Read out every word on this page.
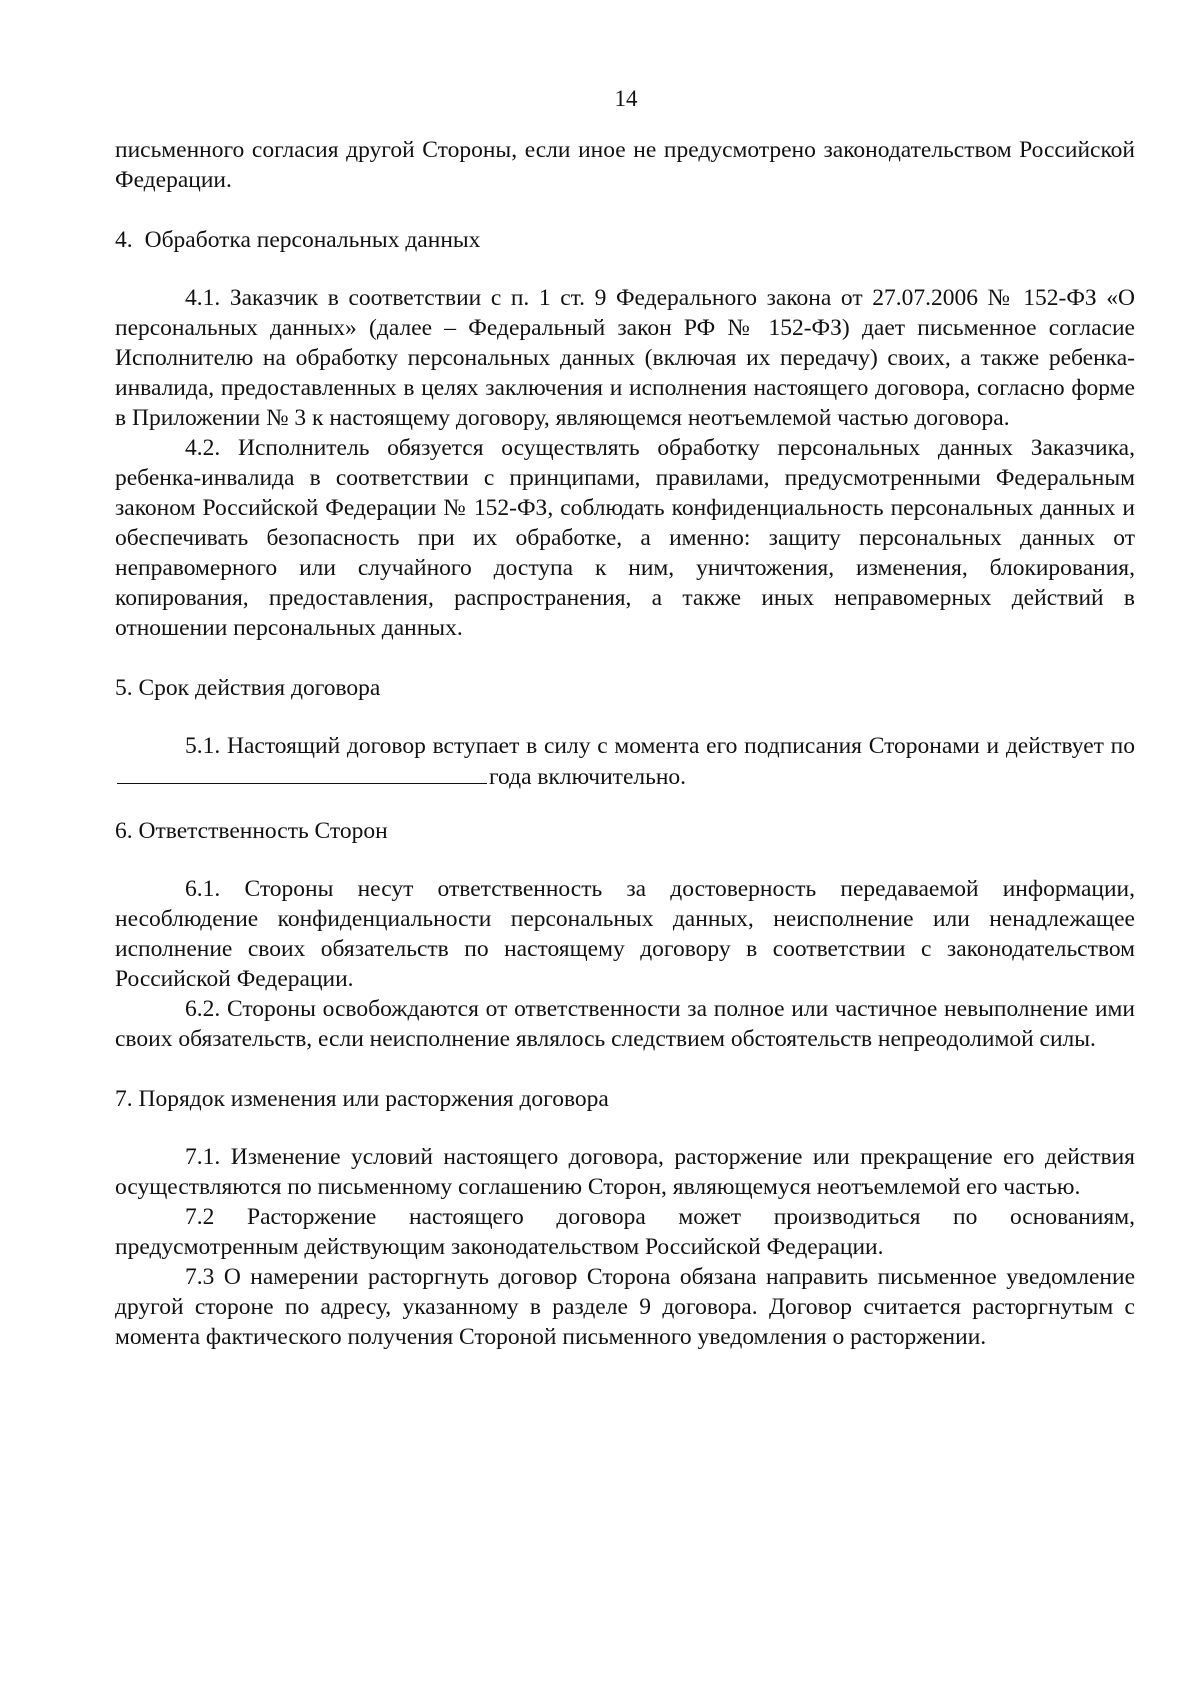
14

письменного согласия другой Стороны, если иное не предусмотрено законодательством Российской Федерации.

4. Обработка персональных данных

4.1. Заказчик в соответствии с п. 1 ст. 9 Федерального закона от 27.07.2006 № 152-ФЗ «О персональных данных» (далее – Федеральный закон РФ № 152-ФЗ) дает письменное согласие Исполнителю на обработку персональных данных (включая их передачу) своих, а также ребенка-инвалида, предоставленных в целях заключения и исполнения настоящего договора, согласно форме в Приложении № 3 к настоящему договору, являющемся неотъемлемой частью договора.

4.2. Исполнитель обязуется осуществлять обработку персональных данных Заказчика, ребенка-инвалида в соответствии с принципами, правилами, предусмотренными Федеральным законом Российской Федерации № 152-ФЗ, соблюдать конфиденциальность персональных данных и обеспечивать безопасность при их обработке, а именно: защиту персональных данных от неправомерного или случайного доступа к ним, уничтожения, изменения, блокирования, копирования, предоставления, распространения, а также иных неправомерных действий в отношении персональных данных.

5. Срок действия договора

5.1. Настоящий договор вступает в силу с момента его подписания Сторонами и действует по года включительно.

6. Ответственность Сторон

6.1. Стороны несут ответственность за достоверность передаваемой информации, несоблюдение конфиденциальности персональных данных, неисполнение или ненадлежащее исполнение своих обязательств по настоящему договору в соответствии с законодательством Российской Федерации.

6.2. Стороны освобождаются от ответственности за полное или частичное невыполнение ими своих обязательств, если неисполнение являлось следствием обстоятельств непреодолимой силы.

7. Порядок изменения или расторжения договора

7.1. Изменение условий настоящего договора, расторжение или прекращение его действия осуществляются по письменному соглашению Сторон, являющемуся неотъемлемой его частью.

7.2 Расторжение настоящего договора может производиться по основаниям, предусмотренным действующим законодательством Российской Федерации.

7.3 О намерении расторгнуть договор Сторона обязана направить письменное уведомление другой стороне по адресу, указанному в разделе 9 договора. Договор считается расторгнутым с момента фактического получения Стороной письменного уведомления о расторжении.
